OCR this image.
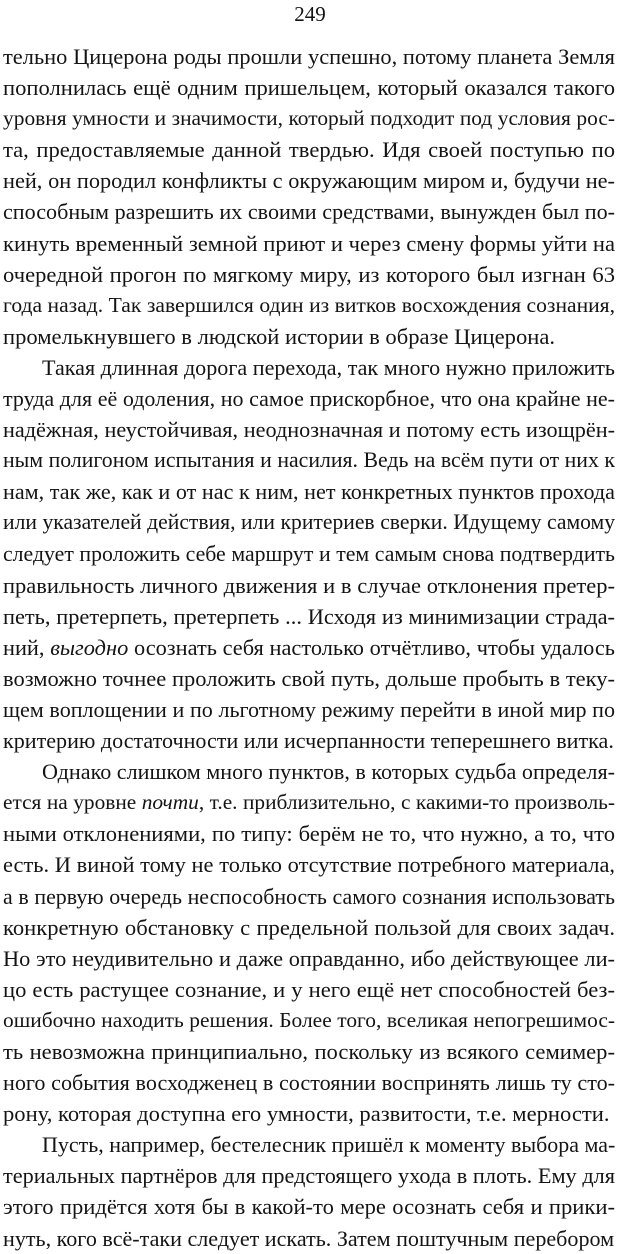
249
тельно Цицерона роды прошли успешно, потому планета Земля
пополнилась ещё одним пришельцем, который оказался такого
уровня умности и значимости, который подходит под условия рос-
та, предоставляемые данной твердью. Идя своей поступью по
ней, он породил конфликты с окружающим миром и, будучи не-
способным разрешить их своими средствами, вынужден был по-
кинуть временный земной приют и через смену формы уйти на
очередной прогон по мягкому миру, из которого был изгнан 63
года назад. Так завершился один из витков восхождения сознания,
промелькнувшего в людской истории в образе Цицерона.
Такая длинная дорога перехода, так много нужно приложить
труда для её одоления, но самое прискорбное, что она крайне не-
надёжная, неустойчивая, неоднозначная и потому есть изощрён-
ным полигоном испытания и насилия. Ведь на всём пути от них к
нам, так же, как и от нас к ним, нет конкретных пунктов прохода
или указателей действия, или критериев сверки. Идущему самому
следует проложить себе маршрут и тем самым снова подтвердить
правильность личного движения и в случае отклонения претер-
петь, претерпеть, претерпеть ... Исходя из минимизации страда-
ний, выгодно осознать себя настолько отчётливо, чтобы удалось
возможно точнее проложить свой путь, дольше пробыть в теку-
щем воплощении и по льготному режиму перейти в иной мир по
критерию достаточности или исчерпанности теперешнего витка.
Однако слишком много пунктов, в которых судьба определя-
ется на уровне почти, т.е. приблизительно, с какими-то произволь-
ными отклонениями, по типу: берём не то, что нужно, а то, что
есть. И виной тому не только отсутствие потребного материала,
а в первую очередь неспособность самого сознания использовать
конкретную обстановку с предельной пользой для своих задач.
Но это неудивительно и даже оправданно, ибо действующее ли-
цо есть растущее сознание, и у него ещё нет способностей без-
ошибочно находить решения. Более того, вселикая непогрешимос-
ть невозможна принципиально, поскольку из всякого семимер-
ного события восходженец в состоянии воспринять лишь ту сто-
рону, которая доступна его умности, развитости, т.е. мерности.
Пусть, например, бестелесник пришёл к моменту выбора ма-
териальных партнёров для предстоящего ухода в плоть. Ему для
этого придётся хотя бы в какой-то мере осознать себя и прики-
нуть, кого всё-таки следует искать. Затем поштучным перебором
